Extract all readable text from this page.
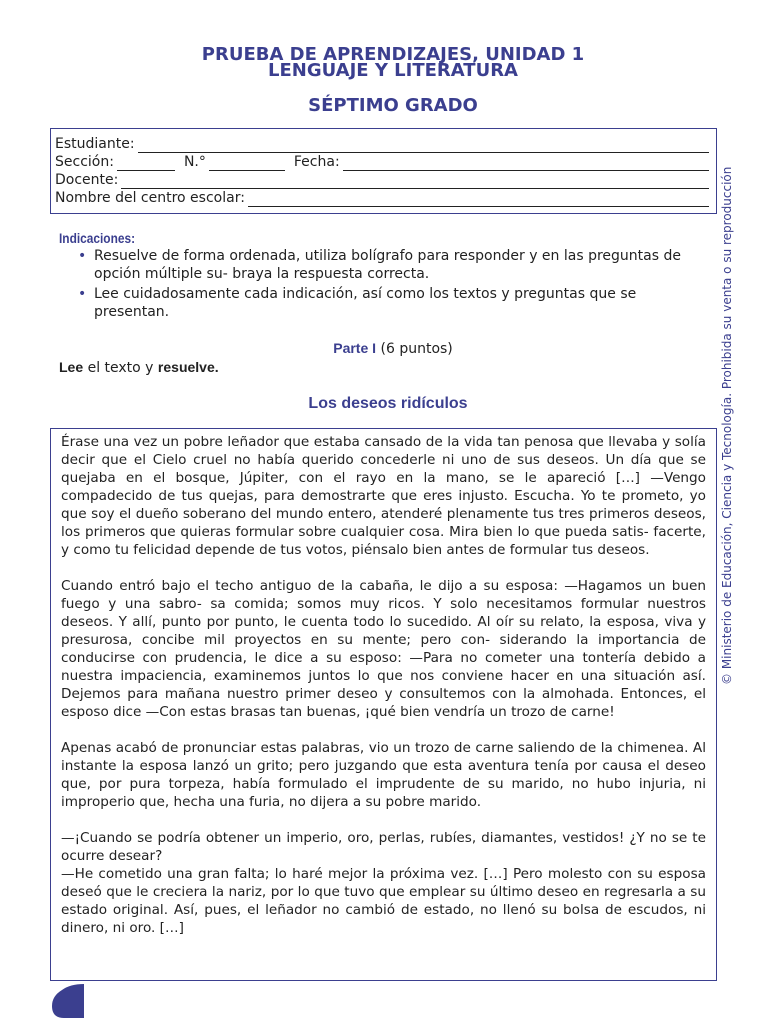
PRUEBA DE APRENDIZAJES, UNIDAD 1
LENGUAJE Y LITERATURA
SÉPTIMO GRADO
Estudiante:
Sección:	N.°	Fecha:
Docente:
Nombre del centro escolar:
Indicaciones:
• Resuelve de forma ordenada, utiliza bolígrafo para responder y en las preguntas de opción múltiple su- braya la respuesta correcta.
• Lee cuidadosamente cada indicación, así como los textos y preguntas que se presentan.
Parte I (6 puntos)
Lee el texto y resuelve.
Los deseos ridículos

Érase una vez un pobre leñador que estaba cansado de la vida tan penosa que llevaba y solía decir que el Cielo cruel no había querido concederle ni uno de sus deseos. Un día que se quejaba en el bosque, Júpiter, con el rayo en la mano, se le apareció […] —Vengo compadecido de tus quejas, para demostrarte que eres injusto. Escucha. Yo te prometo, yo que soy el dueño soberano del mundo entero, atenderé plenamente tus tres primeros deseos, los primeros que quieras formular sobre cualquier cosa. Mira bien lo que pueda satis- facerte, y como tu felicidad depende de tus votos, piénsalo bien antes de formular tus deseos.

Cuando entró bajo el techo antiguo de la cabaña, le dijo a su esposa: —Hagamos un buen fuego y una sabro- sa comida; somos muy ricos. Y solo necesitamos formular nuestros deseos. Y allí, punto por punto, le cuenta todo lo sucedido. Al oír su relato, la esposa, viva y presurosa, concibe mil proyectos en su mente; pero con- siderando la importancia de conducirse con prudencia, le dice a su esposo: —Para no cometer una tontería debido a nuestra impaciencia, examinemos juntos lo que nos conviene hacer en una situación así. Dejemos para mañana nuestro primer deseo y consultemos con la almohada. Entonces, el esposo dice —Con estas brasas tan buenas, ¡qué bien vendría un trozo de carne!

Apenas acabó de pronunciar estas palabras, vio un trozo de carne saliendo de la chimenea. Al instante la esposa lanzó un grito; pero juzgando que esta aventura tenía por causa el deseo que, por pura torpeza, había formulado el imprudente de su marido, no hubo injuria, ni improperio que, hecha una furia, no dijera a su pobre marido.

—¡Cuando se podría obtener un imperio, oro, perlas, rubíes, diamantes, vestidos! ¿Y no se te ocurre desear?

—He cometido una gran falta; lo haré mejor la próxima vez. […] Pero molesto con su esposa deseó que le creciera la nariz, por lo que tuvo que emplear su último deseo en regresarla a su estado original. Así, pues, el leñador no cambió de estado, no llenó su bolsa de escudos, ni dinero, ni oro. […]

© Ministerio de Educación, Ciencia y Tecnología. Prohibida su venta o su reproducción
